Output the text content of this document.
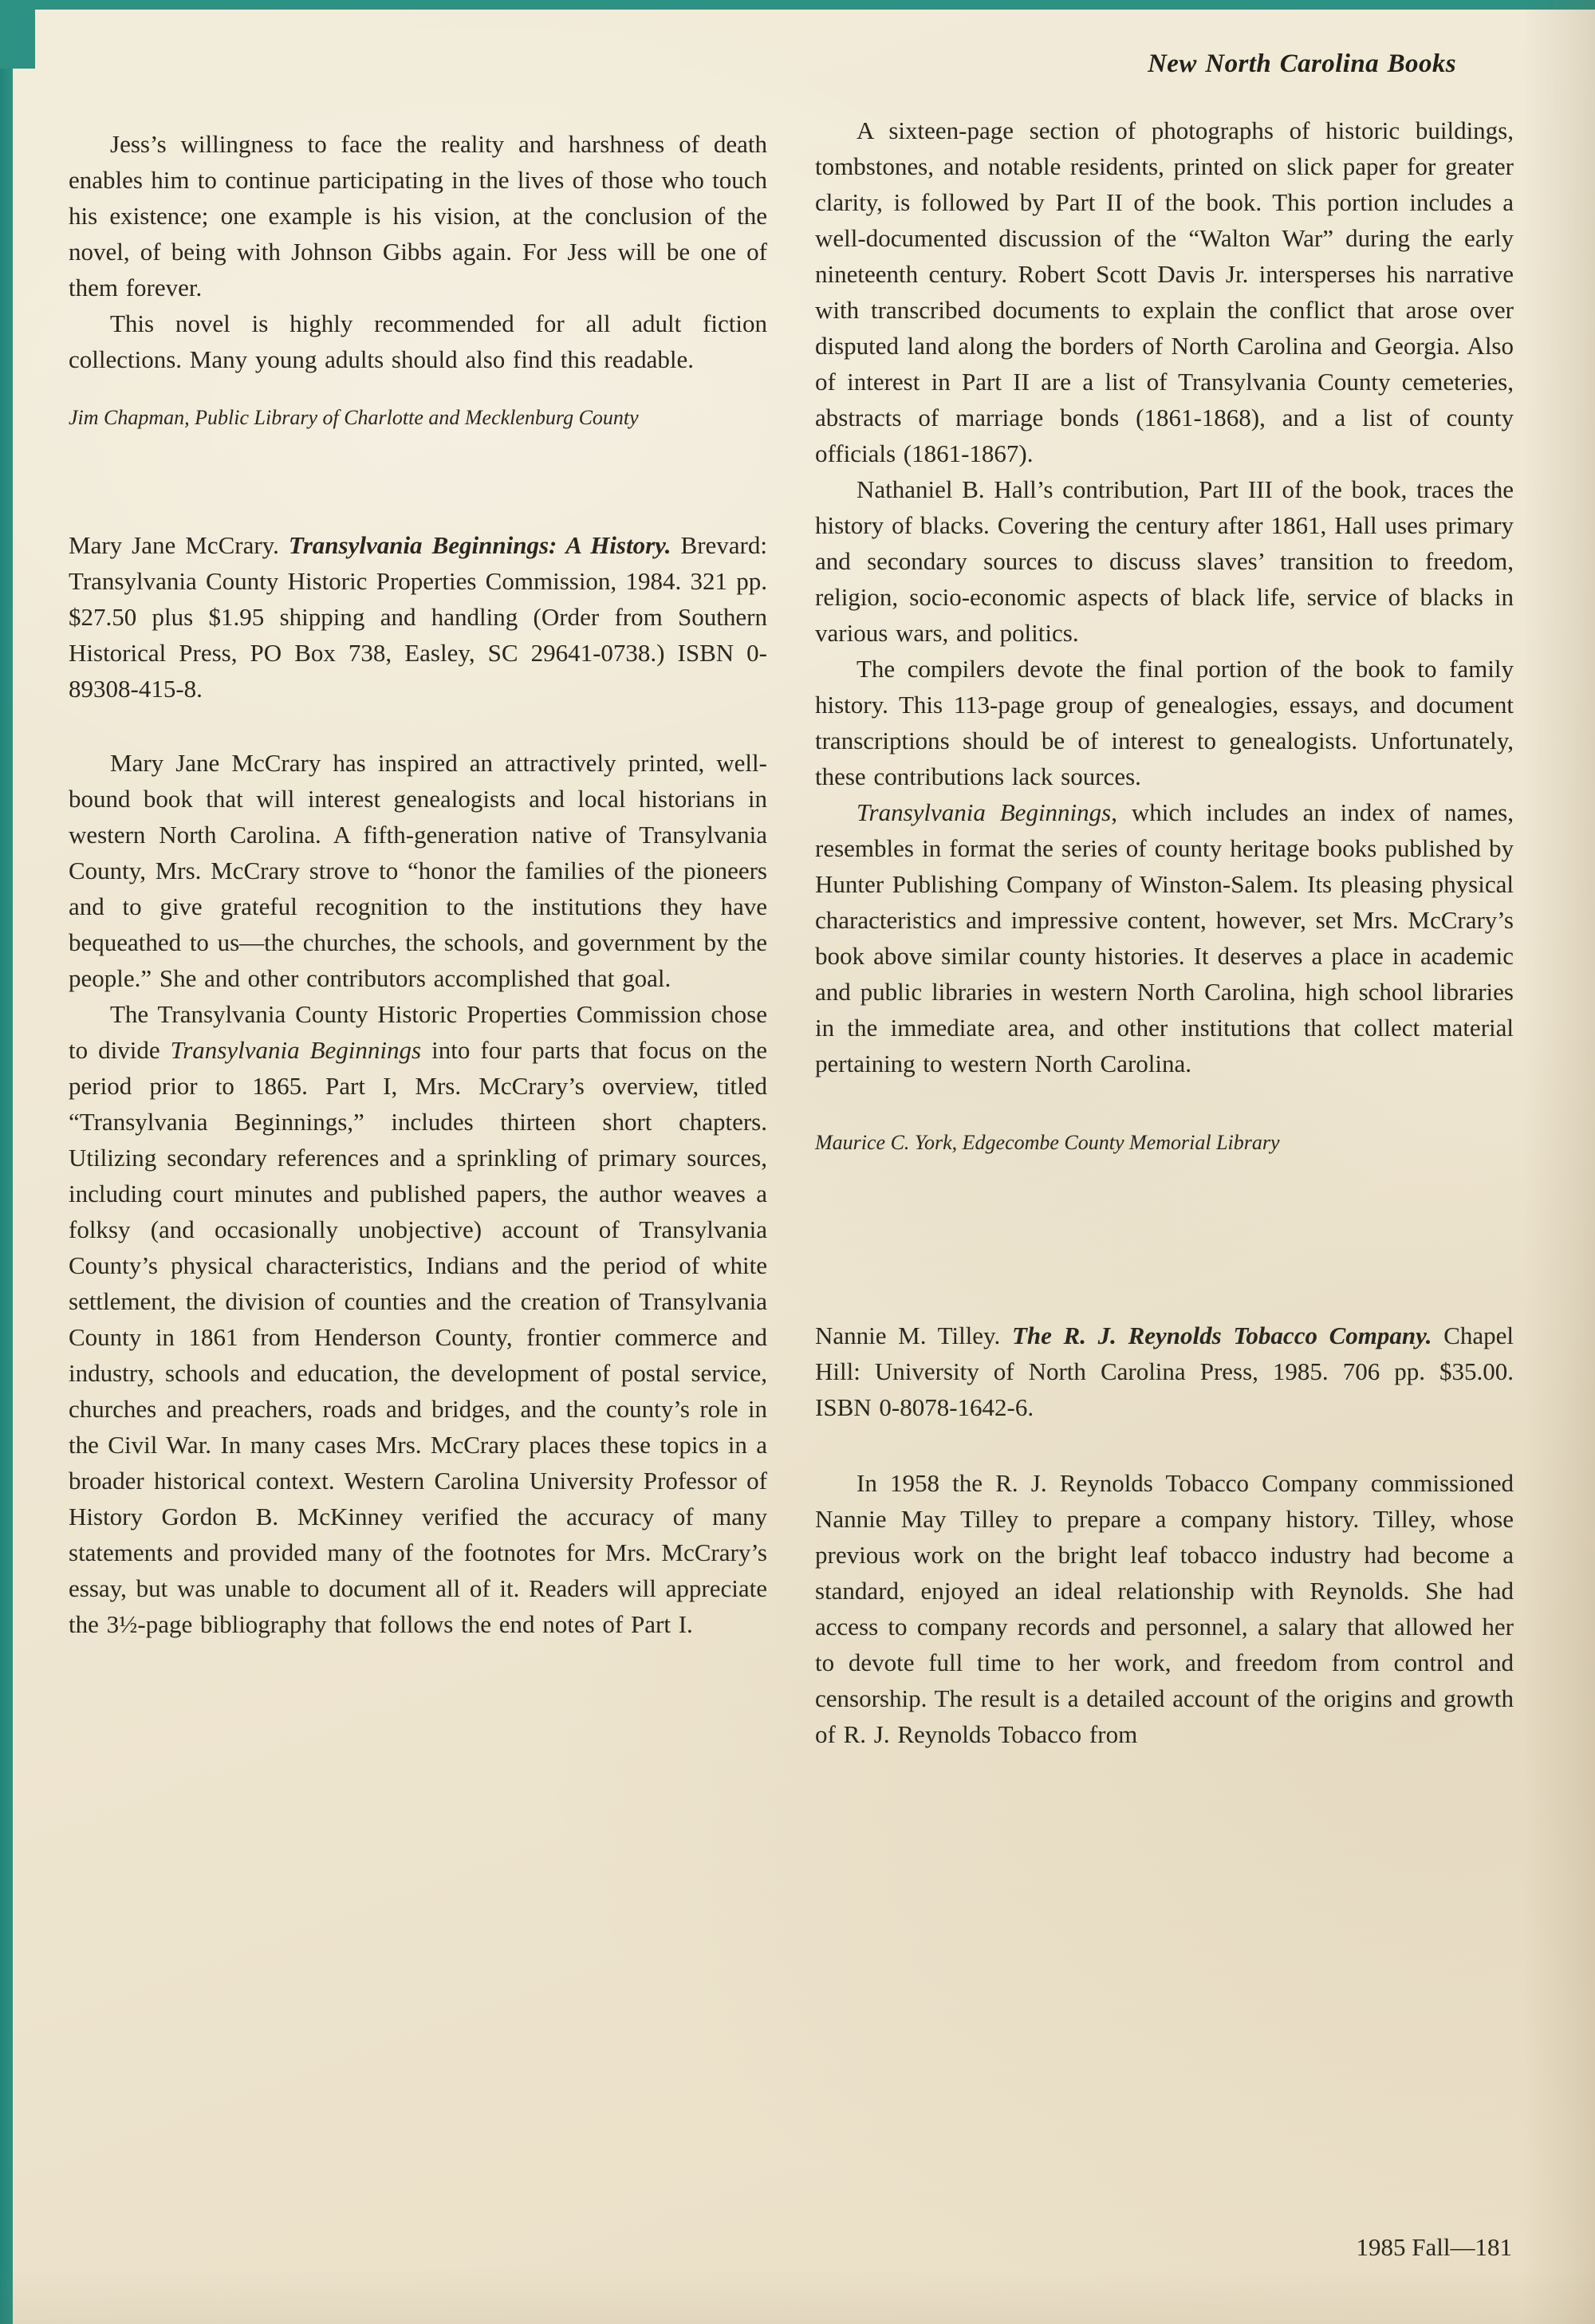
Jess’s willingness to face the reality and harshness of death enables him to continue participating in the lives of those who touch his existence; one example is his vision, at the conclusion of the novel, of being with Johnson Gibbs again. For Jess will be one of them forever.

This novel is highly recommended for all adult fiction collections. Many young adults should also find this readable.

Jim Chapman, Public Library of Charlotte and Mecklenburg County

Mary Jane McCrary. Transylvania Beginnings: A History. Brevard: Transylvania County Historic Properties Commission, 1984. 321 pp. $27.50 plus $1.95 shipping and handling (Order from Southern Historical Press, PO Box 738, Easley, SC 29641-0738.) ISBN 0-89308-415-8.

Mary Jane McCrary has inspired an attractively printed, well-bound book that will interest genealogists and local historians in western North Carolina. A fifth-generation native of Transylvania County, Mrs. McCrary strove to “honor the families of the pioneers and to give grateful recognition to the institutions they have bequeathed to us—the churches, the schools, and government by the people.” She and other contributors accomplished that goal.

The Transylvania County Historic Properties Commission chose to divide Transylvania Beginnings into four parts that focus on the period prior to 1865. Part I, Mrs. McCrary’s overview, titled “Transylvania Beginnings,” includes thirteen short chapters. Utilizing secondary references and a sprinkling of primary sources, including court minutes and published papers, the author weaves a folksy (and occasionally unobjective) account of Transylvania County’s physical characteristics, Indians and the period of white settlement, the division of counties and the creation of Transylvania County in 1861 from Henderson County, frontier commerce and industry, schools and education, the development of postal service, churches and preachers, roads and bridges, and the county’s role in the Civil War. In many cases Mrs. McCrary places these topics in a broader historical context. Western Carolina University Professor of History Gordon B. McKinney verified the accuracy of many statements and provided many of the footnotes for Mrs. McCrary’s essay, but was unable to document all of it. Readers will appreciate the 3½-page bibliography that follows the end notes of Part I.

New North Carolina Books

A sixteen-page section of photographs of historic buildings, tombstones, and notable residents, printed on slick paper for greater clarity, is followed by Part II of the book. This portion includes a well-documented discussion of the “Walton War” during the early nineteenth century. Robert Scott Davis Jr. intersperses his narrative with transcribed documents to explain the conflict that arose over disputed land along the borders of North Carolina and Georgia. Also of interest in Part II are a list of Transylvania County cemeteries, abstracts of marriage bonds (1861-1868), and a list of county officials (1861-1867).

Nathaniel B. Hall’s contribution, Part III of the book, traces the history of blacks. Covering the century after 1861, Hall uses primary and secondary sources to discuss slaves’ transition to freedom, religion, socio-economic aspects of black life, service of blacks in various wars, and politics.

The compilers devote the final portion of the book to family history. This 113-page group of genealogies, essays, and document transcriptions should be of interest to genealogists. Unfortunately, these contributions lack sources.

Transylvania Beginnings, which includes an index of names, resembles in format the series of county heritage books published by Hunter Publishing Company of Winston-Salem. Its pleasing physical characteristics and impressive content, however, set Mrs. McCrary’s book above similar county histories. It deserves a place in academic and public libraries in western North Carolina, high school libraries in the immediate area, and other institutions that collect material pertaining to western North Carolina.

Maurice C. York, Edgecombe County Memorial Library

Nannie M. Tilley. The R. J. Reynolds Tobacco Company. Chapel Hill: University of North Carolina Press, 1985. 706 pp. $35.00. ISBN 0-8078-1642-6.

In 1958 the R. J. Reynolds Tobacco Company commissioned Nannie May Tilley to prepare a company history. Tilley, whose previous work on the bright leaf tobacco industry had become a standard, enjoyed an ideal relationship with Reynolds. She had access to company records and personnel, a salary that allowed her to devote full time to her work, and freedom from control and censorship. The result is a detailed account of the origins and growth of R. J. Reynolds Tobacco from

1985 Fall—181
